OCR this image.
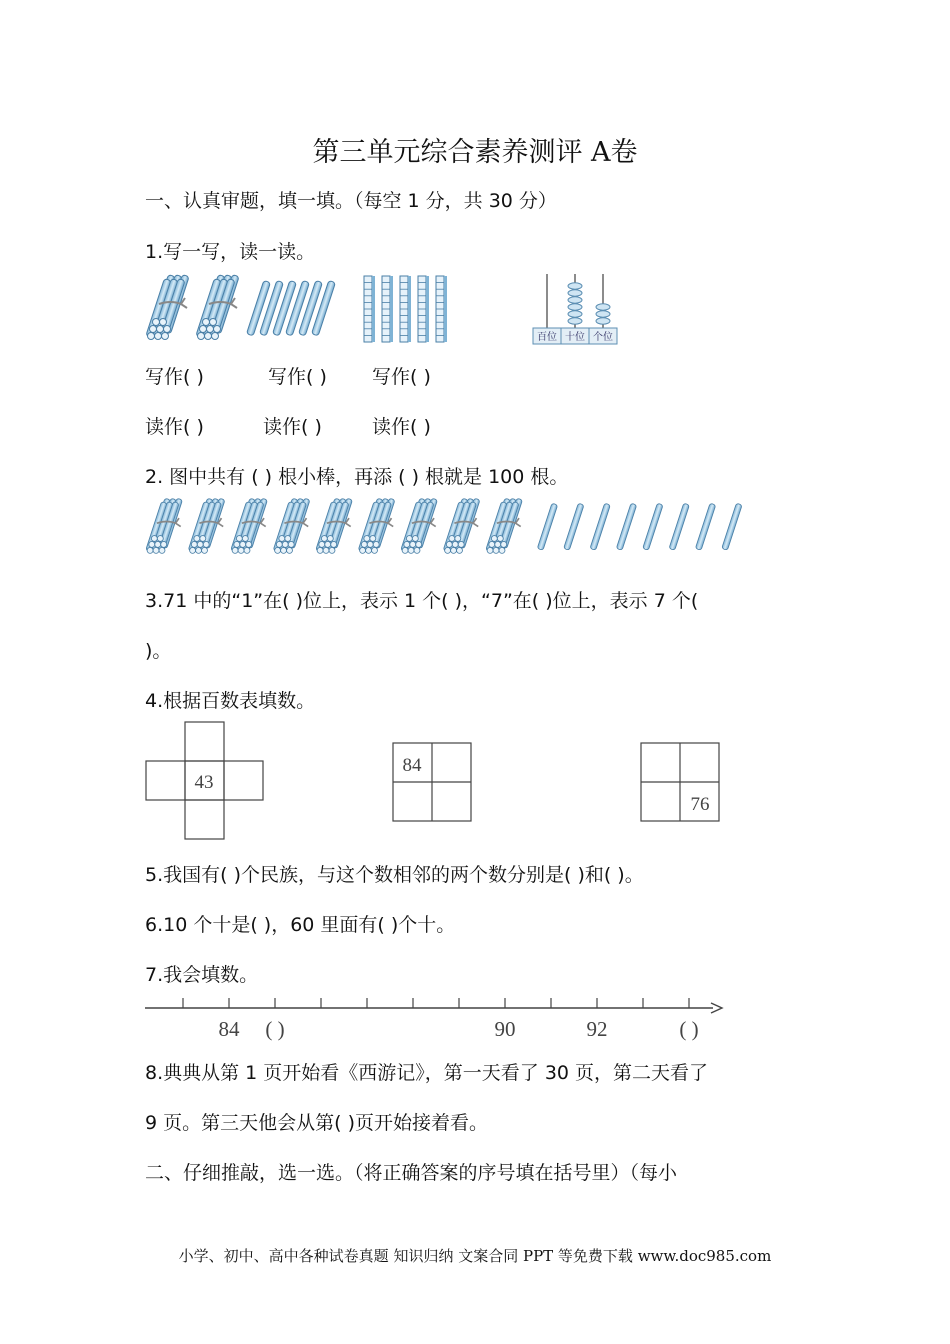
第三单元综合素养测评 A卷
一、认真审题，填一填。（每空 1 分，共 30 分）
1.写一写，读一读。
百位 十位 个位
写作( )	写作( ) 写作( )
读作( )	读作( )	读作( )
2. 图中共有 ( ) 根小棒，再添 ( ) 根就是 100 根。
3.71 中的“1”在( )位上，表示 1 个( )，“7”在( )位上，表示 7 个(
)。
4.根据百数表填数。
43
84
76
5.我国有( )个民族，与这个数相邻的两个数分别是( )和( )。
6.10 个十是( )，60 里面有( )个十。
7.我会填数。
84 ( )	90	92	( )
8.典典从第 1 页开始看《西游记》，第一天看了 30 页，第二天看了
9 页。第三天他会从第( )页开始接着看。
二、仔细推敲，选一选。（将正确答案的序号填在括号里）（每小
小学、初中、高中各种试卷真题 知识归纳 文案合同 PPT 等免费下载 www.doc985.com
